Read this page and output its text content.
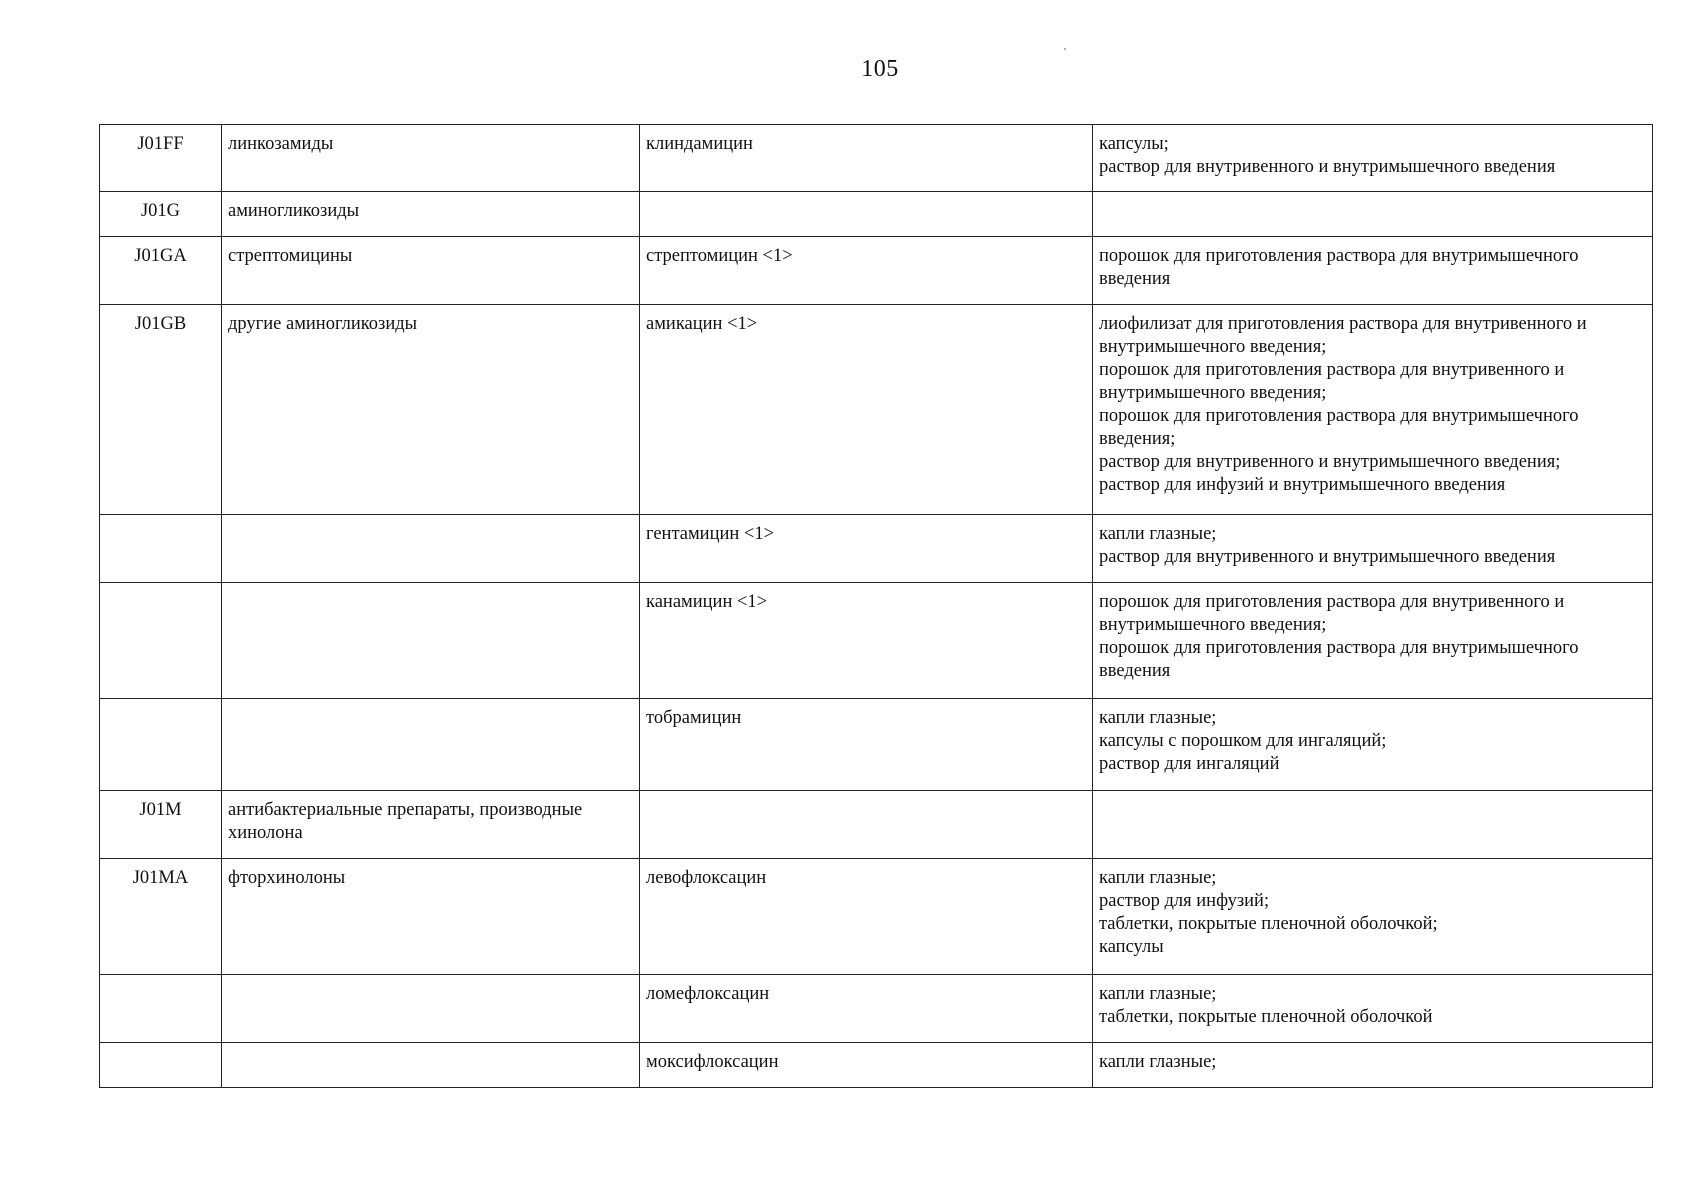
105
J01FF	линкозамиды	клиндамицин	капсулы;
раствор для внутривенного и внутримышечного введения

J01G	аминогликозиды		
J01GA	стрептомицины	стрептомицин <1>	порошок для приготовления раствора для внутримышечного введения

J01GB	другие аминогликозиды	амикацин <1>	лиофилизат для приготовления раствора для внутривенного и внутримышечного введения;
порошок для приготовления раствора для внутривенного и внутримышечного введения;
порошок для приготовления раствора для внутримышечного введения;
раствор для внутривенного и внутримышечного введения;
раствор для инфузий и внутримышечного введения

		гентамицин <1>	капли глазные;
раствор для внутривенного и внутримышечного введения

		канамицин <1>	порошок для приготовления раствора для внутривенного и внутримышечного введения;
порошок для приготовления раствора для внутримышечного введения

		тобрамицин	капли глазные;
капсулы с порошком для ингаляций;
раствор для ингаляций

J01M	антибактериальные препараты, производные хинолона		
J01MA	фторхинолоны	левофлоксацин	капли глазные;
раствор для инфузий;
таблетки, покрытые пленочной оболочкой;
капсулы

		ломефлоксацин	капли глазные;
таблетки, покрытые пленочной оболочкой

		моксифлоксацин	капли глазные;
